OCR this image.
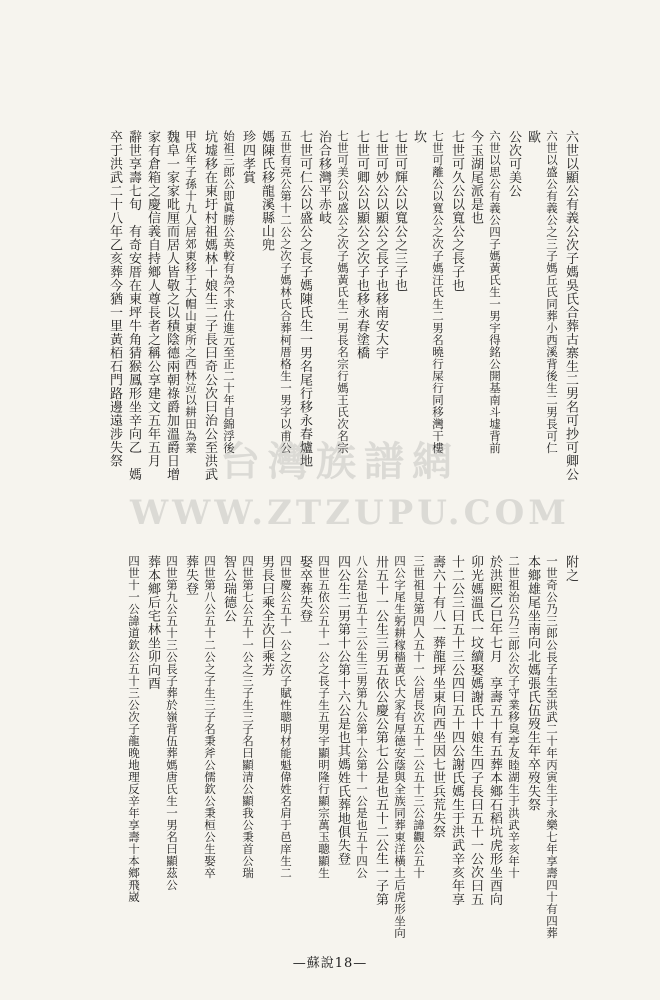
六世以顯公有義公次子媽吳氏合葬古寨生二男名可抄可卿公
六世以盛公有義公之三子媽丘氏同葬小西溪背後生二男長可仁
歐
公次可美公
六世以思公有義公四子媽黃氏生一男宇得銘公開基南斗墟背前
今玉湖尾派是也
七世可久公以寬公之長子也
七世可離公以寬公之次子媽汪氏生二男名曉行屎行同移灣干樓
坎
七世可輝公以寬公之三子也
七世可妙公以顯公之長子也移南安大宇
七世可卿公以顯公之次子也移永春塗橋
七世可美公以盛公之次子媽黃氏生二男長名宗行媽王氏次名宗
治合移灣平赤岐
七世可仁公以盛公之長子媽陳氏生一男名尾行移永春爐地
五世有亮公第十二公之次子媽林氏合葬柯厝格生一男字以甫公
媽陳氏移龍溪縣山兜
珍四孝賞
始祖三郎公即眞勝公英較有為不求仕進元至正二十年自錦浮後
坑墟移在東圩村祖媽林十娘生二子長曰奇公次曰治公至洪武
甲戌年子孫十九人居郊東移于大帽山東所之西林竝以耕田為業
魏阜一家家吡厘而居人皆敬之以積陰德兩朝祿爵加溫爵日增
家有倉箱之慶信義自持鄉人尊長者之稱公享建文五年五月
辭世享壽七旬　有奇安厝在東坪牛角猜猴鳳形坐辛向乙　媽
卒于洪武二十八年乙亥葬今猶一里黃栢石門路邊遠涉失祭
附之
一世奇公乃三郎公長子生至洪武二十年丙寅生于永樂七年享壽四十有四葬
本鄉雄尾坐南向北媽張氏伍歿生年卒歿失祭
二世祖治公乃三郎公次子守業移臭亭友睦湖生于洪武辛亥年十
於洪熙乙巳年七月　享壽五十有五葬本鄉石稻坑虎形坐酉向
卯光媽溫氏一坟續娶媽謝氏十娘生四子長曰五十一公次曰五
十二公三曰五十三公四曰五十四公謝氏媽生于洪武辛亥年享
壽六十有八一葬龍坪坐東向西坐因七世兵荒失祭
三世祖見第四人五十一公居長次五十二公五十三公諱觀公五十
四公字尾生躬耕稼穡黃氏大家有厚德安蔭與全族同葬東洋橫土后虎形坐向
卅五十一公生三男五依公慶公第七公是也五十二公生一子第
八公是也五十三公生三男第九公第十公第十一公是也五十四公
四公生二男第十公第十六公是也其媽姓氏葬地俱失登
四世五依公五十一公之長子生五男宇顯明隆行顯宗萬玉聰顯生
娶卒葬失登
四世慶公五十一公之次子賦性聰明材能魁偉姓名肩于邑庠生二
男長曰乘全次曰乘芳
四世第七公五十一公之三子生三子名曰顯清公顯我公秉首公瑞
智公瑞德公
四世第八公五十二公之子生三子名秉斧公儒欽公秉桓公生娶卒
葬失登
四世第九公五十三公長子葬於嶺背伍葬媽唐氏生一男名曰顯茲公
葬本鄉后宅林坐卯向酉
四世十一公諱道欽公五十三公次子龍晚地理反辛年享壽十本鄉飛崴
台灣族譜網
WWW.ZTZUPU.COM
—蘇說18—
